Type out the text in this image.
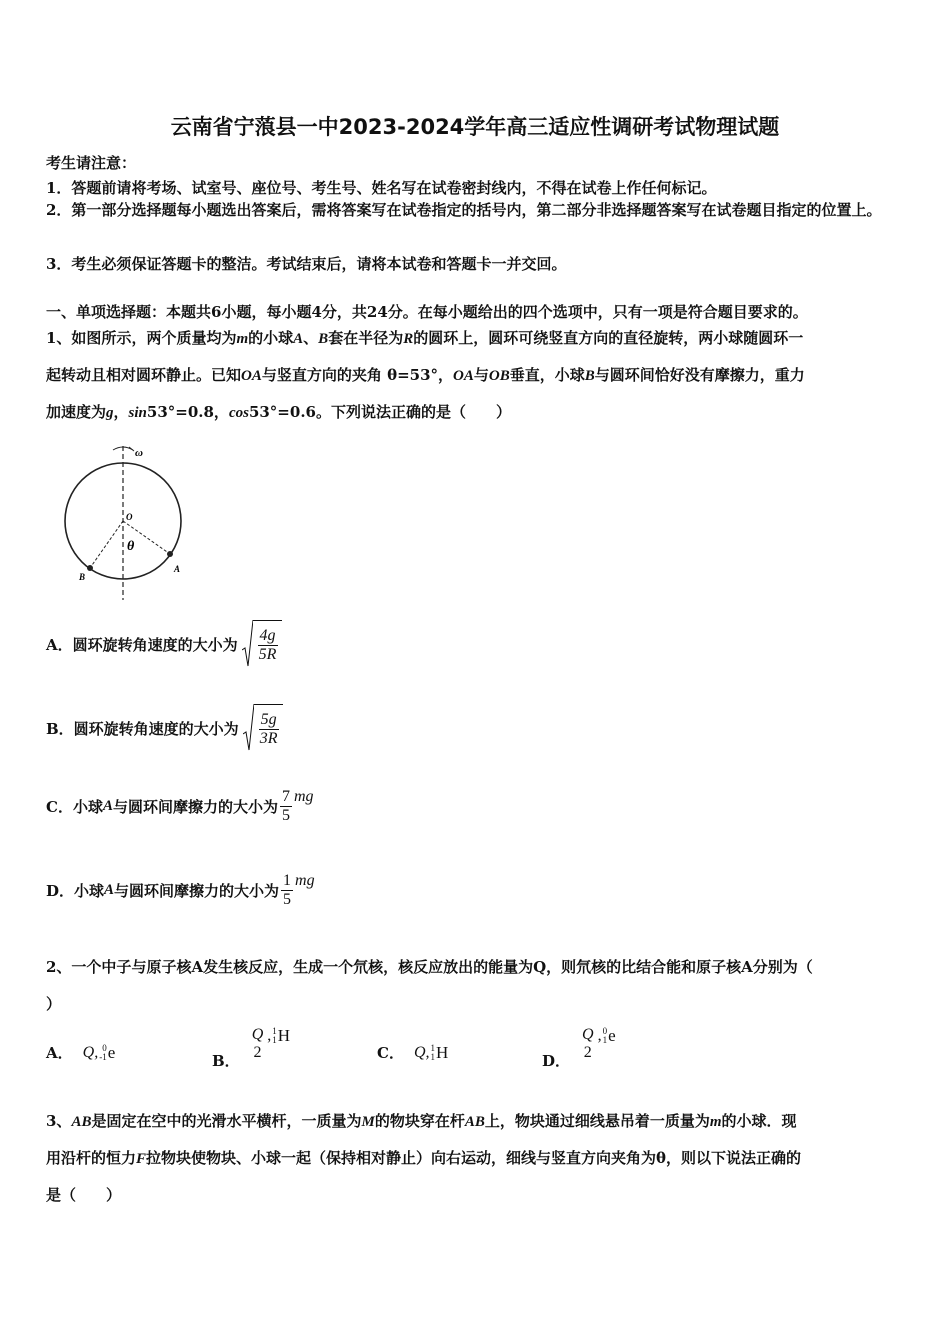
云南省宁蒗县一中2023-2024学年高三适应性调研考试物理试题
考生请注意：
1．答题前请将考场、试室号、座位号、考生号、姓名写在试卷密封线内，不得在试卷上作任何标记。
2．第一部分选择题每小题选出答案后，需将答案写在试卷指定的括号内，第二部分非选择题答案写在试卷题目指定的位置上。
3．考生必须保证答题卡的整洁。考试结束后，请将本试卷和答题卡一并交回。
一、单项选择题：本题共6小题，每小题4分，共24分。在每小题给出的四个选项中，只有一项是符合题目要求的。
1、如图所示，两个质量均为m的小球A、B套在半径为R的圆环上，圆环可绕竖直方向的直径旋转，两小球随圆环一
起转动且相对圆环静止。已知OA与竖直方向的夹角 θ=53°，OA与OB垂直，小球B与圆环间恰好没有摩擦力，重力
加速度为g，sin53°=0.8，cos53°=0.6。下列说法正确的是（　　）
ω
O
θ
A
B
A．圆环旋转角速度的大小为 $\frac{4g}{5R}$
B．圆环旋转角速度的大小为 $\frac{5g}{3R}$
C．小球 A 与圆环间摩擦力的大小为 $\frac{7}{5}$ mg
D．小球 A 与圆环间摩擦力的大小为 $\frac{1}{5}$ mg
2、一个中子与原子核A发生核反应，生成一个氘核，核反应放出的能量为Q，则氘核的比结合能和原子核A分别为（
）
A． Q, 0
-1 e	B．
Q
2
, 1
1 H
C． Q, 1
1 H	D．
Q
2
, 0
1 e
3、AB是固定在空中的光滑水平横杆，一质量为M的物块穿在杆AB上，物块通过细线悬吊着一质量为m的小球．现
用沿杆的恒力F拉物块使物块、小球一起（保持相对静止）向右运动，细线与竖直方向夹角为θ，则以下说法正确的
是（　　）
